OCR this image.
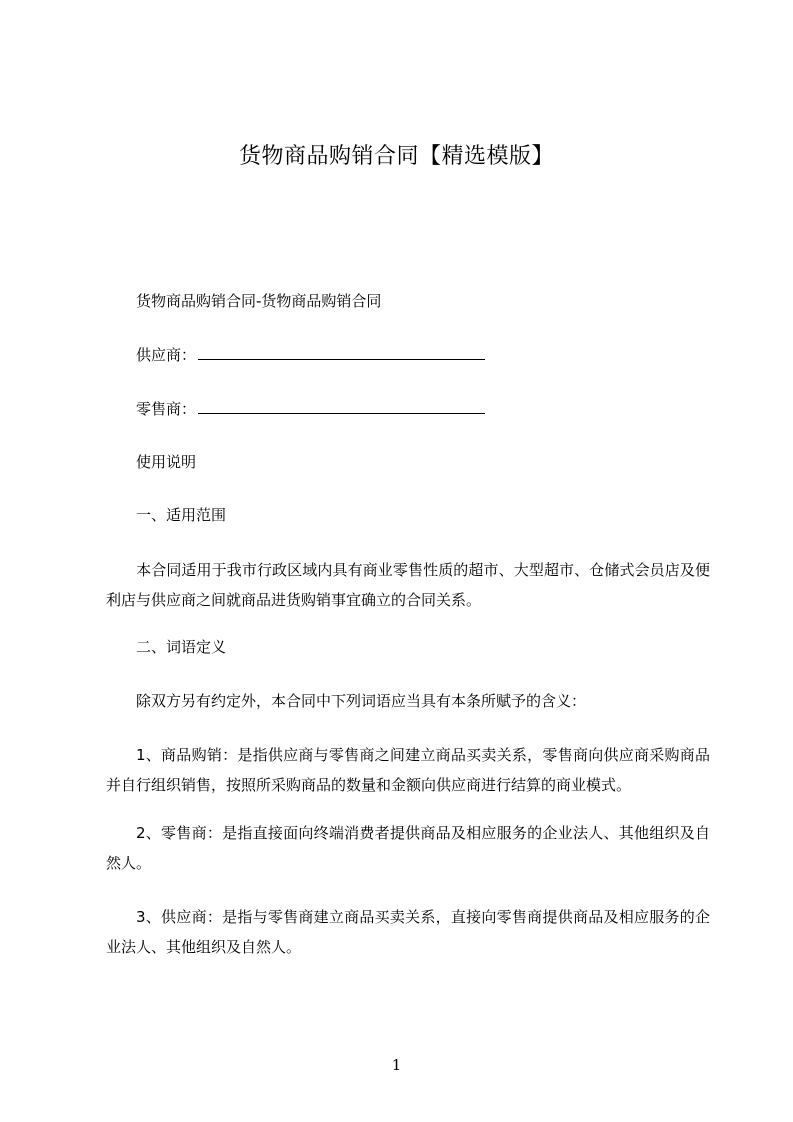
货物商品购销合同【精选模版】
货物商品购销合同-货物商品购销合同
供应商：
零售商：
使用说明
一、适用范围
本合同适用于我市行政区域内具有商业零售性质的超市、大型超市、仓储式会员店及便利店与供应商之间就商品进货购销事宜确立的合同关系。
二、词语定义
除双方另有约定外，本合同中下列词语应当具有本条所赋予的含义：
1、商品购销：是指供应商与零售商之间建立商品买卖关系，零售商向供应商采购商品并自行组织销售，按照所采购商品的数量和金额向供应商进行结算的商业模式。
2、零售商：是指直接面向终端消费者提供商品及相应服务的企业法人、其他组织及自然人。
3、供应商：是指与零售商建立商品买卖关系，直接向零售商提供商品及相应服务的企业法人、其他组织及自然人。
1
